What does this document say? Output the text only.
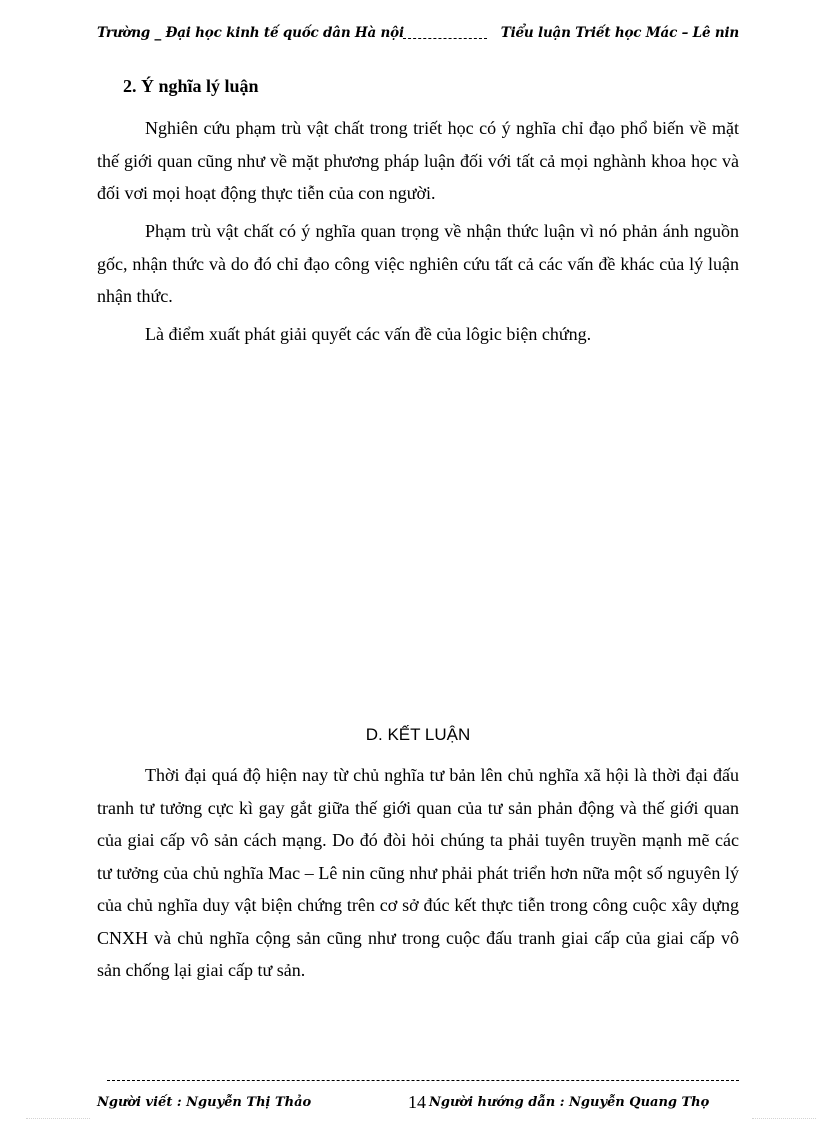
Trường _ Đại học kinh tế quốc dân Hà nội	Tiểu luận Triết học Mác – Lê nin
2. Ý nghĩa lý luận

Nghiên cứu phạm trù vật chất trong triết học có ý nghĩa chỉ đạo phổ biến về mặt thế giới quan cũng như về mặt phương pháp luận đối với tất cả mọi nghành khoa học và đối vơi mọi hoạt động thực tiễn của con người.

Phạm trù vật chất có ý nghĩa quan trọng về nhận thức luận vì nó phản ánh nguồn gốc, nhận thức và do đó chỉ đạo công việc nghiên cứu tất cả các vấn đề khác của lý luận nhận thức.

Là điểm xuất phát giải quyết các vấn đề của lôgic biện chứng.

D. KẾT LUẬN

Thời đại quá độ hiện nay từ chủ nghĩa tư bản lên chủ nghĩa xã hội là thời đại đấu tranh tư tưởng cực kì gay gắt giữa thế giới quan của tư sản phản động và thế giới quan của giai cấp vô sản cách mạng. Do đó đòi hỏi chúng ta phải tuyên truyền mạnh mẽ các tư tưởng của chủ nghĩa Mac – Lê nin cũng như phải phát triển hơn nữa một số nguyên lý của chủ nghĩa duy vật biện chứng trên cơ sở đúc kết thực tiễn trong công cuộc xây dựng CNXH và chủ nghĩa cộng sản cũng như trong cuộc đấu tranh giai cấp của giai cấp vô sản chống lại giai cấp tư sản.

Người viết : Nguyễn Thị Thảo	14 Người hướng dẫn : Nguyễn Quang Thọ
